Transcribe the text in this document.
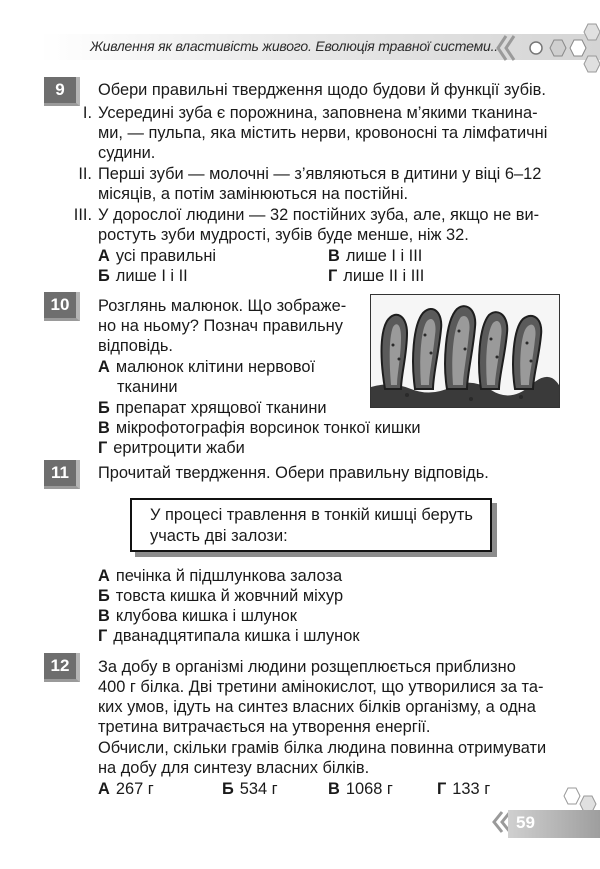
Живлення як властивість живого. Еволюція травної системи...
9	Обери правильні твердження щодо будови й функції зубів.
I. Усередині зуба є порожнина, заповнена м’якими тканина-
ми, — пульпа, яка містить нерви, кровоносні та лімфатичні
судини.
II. Перші зуби — молочні — з’являються в дитини у віці 6–12
місяців, а потім замінюються на постійні.
III. У дорослої людини — 32 постійних зуба, але, якщо не ви-
ростуть зуби мудрості, зубів буде менше, ніж 32.
А усі правильні	В лише I і III
Б лише I і II	Г лише II і III
10	Розглянь малюнок. Що зображе-
но на ньому? Познач правильну
відповідь.
А малюнок клітини нервової
тканини
Б препарат хрящової тканини
В мікрофотографія ворсинок тонкої кишки
Г еритроцити жаби
11	Прочитай твердження. Обери правильну відповідь.
У процесі травлення в тонкій кишці беруть
участь дві залози:
А печінка й підшлункова залоза
Б товста кишка й жовчний міхур
В клубова кишка і шлунок
Г дванадцятипала кишка і шлунок
12	За добу в організмі людини розщеплюється приблизно
400 г білка. Дві третини амінокислот, що утворилися за та-
ких умов, ідуть на синтез власних білків організму, а одна
третина витрачається на утворення енергії.
Обчисли, скільки грамів білка людина повинна отримувати
на добу для синтезу власних білків.
А 267 г	Б 534 г	В 1068 г	Г 133 г
59
